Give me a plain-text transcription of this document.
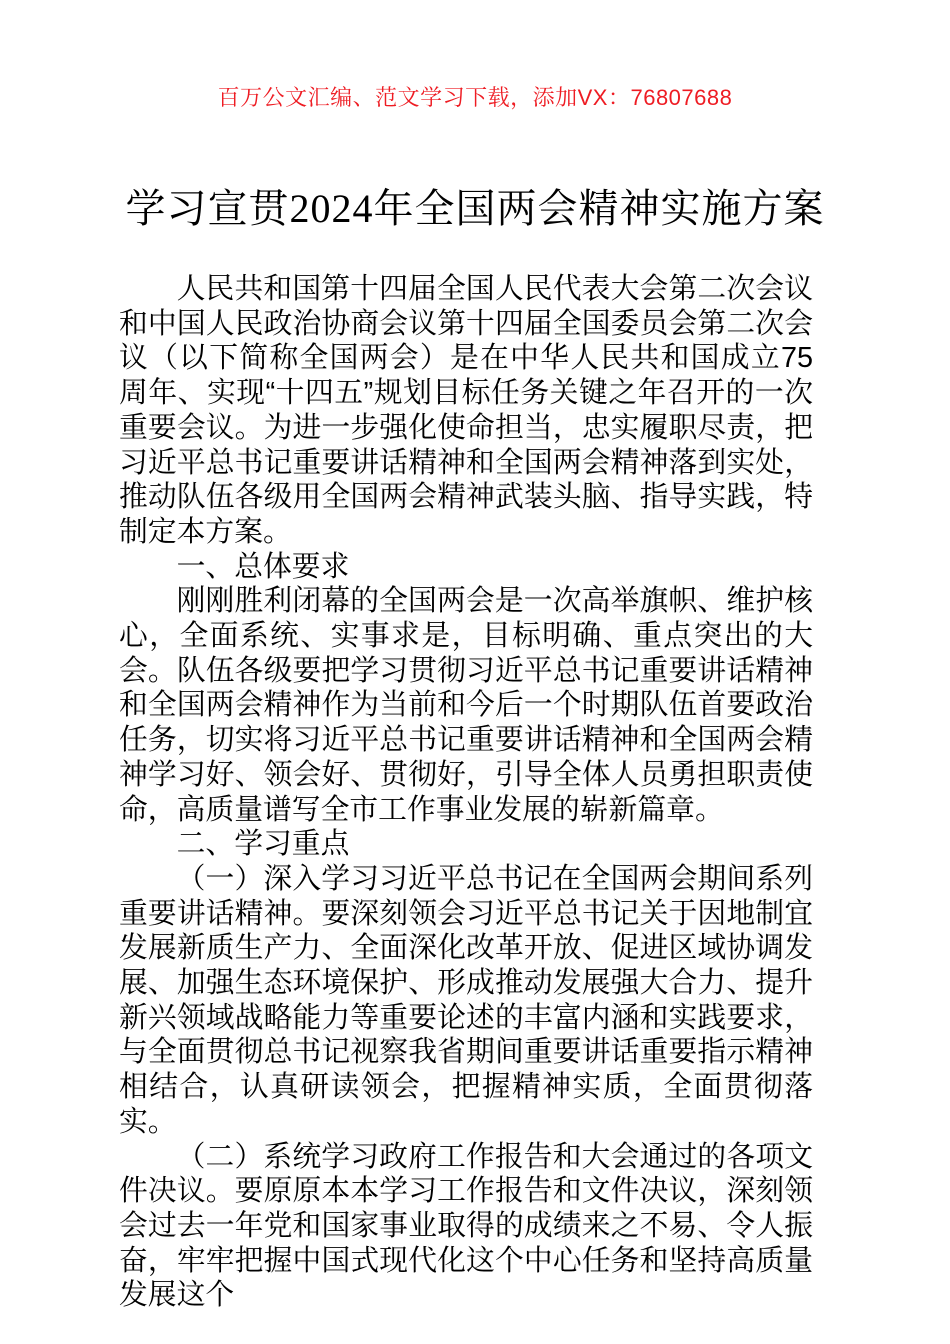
百万公文汇编、范文学习下载，添加VX：76807688
学习宣贯2024年全国两会精神实施方案

人民共和国第十四届全国人民代表大会第二次会议和中国人民政治协商会议第十四届全国委员会第二次会议（以下简称全国两会）是在中华人民共和国成立75周年、实现“十四五”规划目标任务关键之年召开的一次重要会议。为进一步强化使命担当，忠实履职尽责，把习近平总书记重要讲话精神和全国两会精神落到实处，推动队伍各级用全国两会精神武装头脑、指导实践，特制定本方案。

一、总体要求

刚刚胜利闭幕的全国两会是一次高举旗帜、维护核心，全面系统、实事求是，目标明确、重点突出的大会。队伍各级要把学习贯彻习近平总书记重要讲话精神和全国两会精神作为当前和今后一个时期队伍首要政治任务，切实将习近平总书记重要讲话精神和全国两会精神学习好、领会好、贯彻好，引导全体人员勇担职责使命，高质量谱写全市工作事业发展的崭新篇章。

二、学习重点

（一）深入学习习近平总书记在全国两会期间系列重要讲话精神。要深刻领会习近平总书记关于因地制宜发展新质生产力、全面深化改革开放、促进区域协调发展、加强生态环境保护、形成推动发展强大合力、提升新兴领域战略能力等重要论述的丰富内涵和实践要求，与全面贯彻总书记视察我省期间重要讲话重要指示精神相结合，认真研读领会，把握精神实质，全面贯彻落实。

（二）系统学习政府工作报告和大会通过的各项文件决议。要原原本本学习工作报告和文件决议，深刻领会过去一年党和国家事业取得的成绩来之不易、令人振奋，牢牢把握中国式现代化这个中心任务和坚持高质量发展这个
